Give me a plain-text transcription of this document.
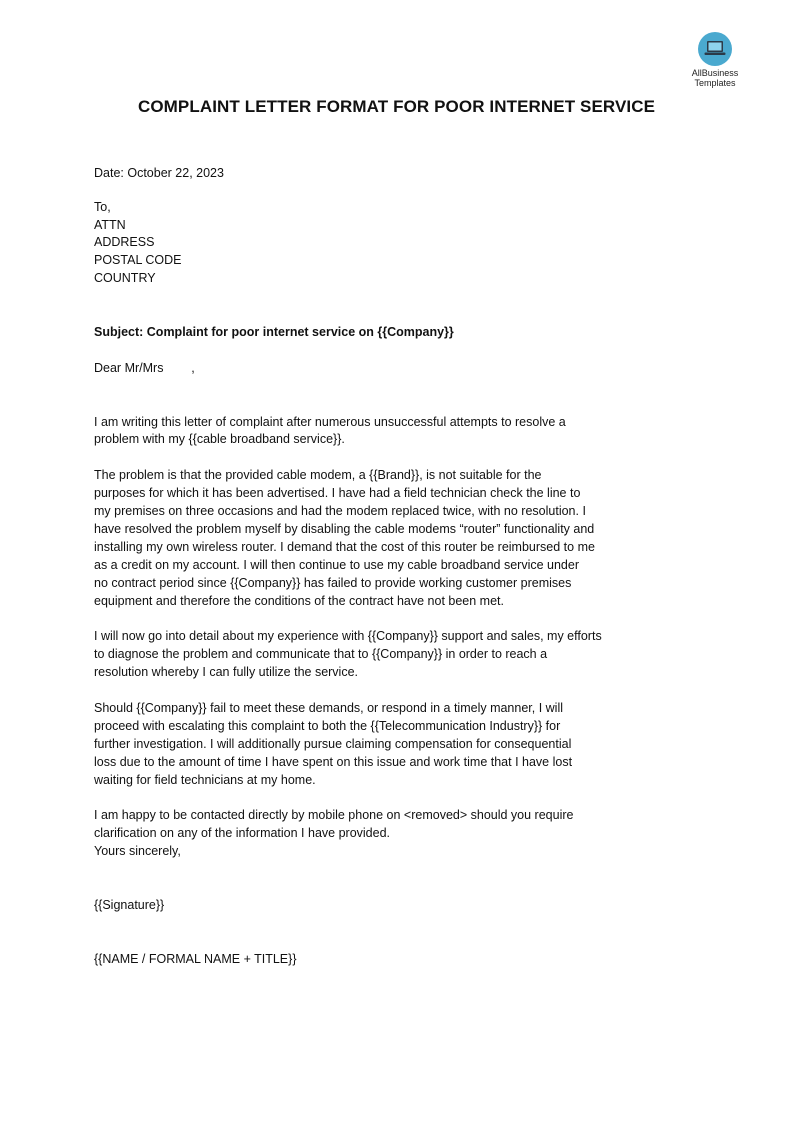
AllBusiness
Templates
COMPLAINT LETTER FORMAT FOR POOR INTERNET SERVICE
Date: October 22, 2023
To,
ATTN
ADDRESS
POSTAL CODE
COUNTRY
Subject: Complaint for poor internet service on {{Company}}
Dear Mr/Mrs        ,
I am writing this letter of complaint after numerous unsuccessful attempts to resolve a
problem with my {{cable broadband service}}.
The problem is that the provided cable modem, a {{Brand}}, is not suitable for the
purposes for which it has been advertised. I have had a field technician check the line to
my premises on three occasions and had the modem replaced twice, with no resolution. I
have resolved the problem myself by disabling the cable modems “router” functionality and
installing my own wireless router. I demand that the cost of this router be reimbursed to me
as a credit on my account. I will then continue to use my cable broadband service under
no contract period since {{Company}} has failed to provide working customer premises
equipment and therefore the conditions of the contract have not been met.
I will now go into detail about my experience with {{Company}} support and sales, my efforts
to diagnose the problem and communicate that to {{Company}} in order to reach a
resolution whereby I can fully utilize the service.
Should {{Company}} fail to meet these demands, or respond in a timely manner, I will
proceed with escalating this complaint to both the {{Telecommunication Industry}} for
further investigation. I will additionally pursue claiming compensation for consequential
loss due to the amount of time I have spent on this issue and work time that I have lost
waiting for field technicians at my home.
I am happy to be contacted directly by mobile phone on <removed> should you require
clarification on any of the information I have provided.
Yours sincerely,
{{Signature}}
{{NAME / FORMAL NAME + TITLE}}
